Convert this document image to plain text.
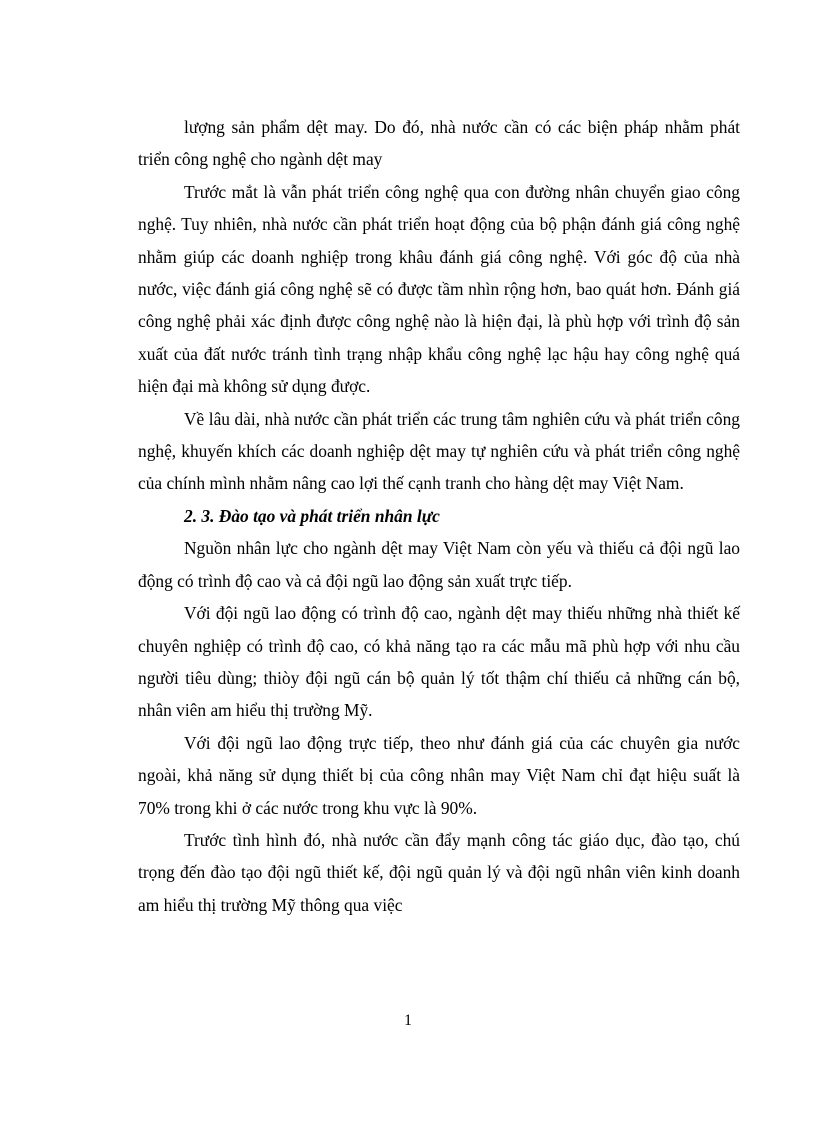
lượng sản phẩm dệt may. Do đó, nhà nước cần có các biện pháp nhằm phát triển công nghệ cho ngành dệt may

Trước mắt là vẫn phát triển công nghệ qua con đường nhân chuyển giao công nghệ. Tuy nhiên, nhà nước cần phát triển hoạt động của bộ phận đánh giá công nghệ nhằm giúp các doanh nghiệp trong khâu đánh giá công nghệ. Với góc độ của nhà nước, việc đánh giá công nghệ sẽ có được tầm nhìn rộng hơn, bao quát hơn. Đánh giá công nghệ phải xác định được công nghệ nào là hiện đại, là phù hợp với trình độ sản xuất của đất nước tránh tình trạng nhập khẩu công nghệ lạc hậu hay công nghệ quá hiện đại mà không sử dụng được.

Về lâu dài, nhà nước cần phát triển các trung tâm nghiên cứu và phát triển công nghệ, khuyến khích các doanh nghiệp dệt may tự nghiên cứu và phát triển công nghệ của chính mình nhằm nâng cao lợi thế cạnh tranh cho hàng dệt may Việt Nam.

2. 3. Đào tạo và phát triển nhân lực

Nguồn nhân lực cho ngành dệt may Việt Nam còn yếu và thiếu cả đội ngũ lao động có trình độ cao và cả đội ngũ lao động sản xuất trực tiếp.

Với đội ngũ lao động có trình độ cao, ngành dệt may thiếu những nhà thiết kế chuyên nghiệp có trình độ cao, có khả năng tạo ra các mẫu mã phù hợp với nhu cầu người tiêu dùng; thiòy đội ngũ cán bộ quản lý tốt thậm chí thiếu cả những cán bộ, nhân viên am hiểu thị trường Mỹ.

Với đội ngũ lao động trực tiếp, theo như đánh giá của các chuyên gia nước ngoài, khả năng sử dụng thiết bị của công nhân may Việt Nam chỉ đạt hiệu suất là 70% trong khi ở các nước trong khu vực là 90%.

Trước tình hình đó, nhà nước cần đẩy mạnh công tác giáo dục, đào tạo, chú trọng đến đào tạo đội ngũ thiết kế, đội ngũ quản lý và đội ngũ nhân viên kinh doanh am hiểu thị trường Mỹ thông qua việc

1
